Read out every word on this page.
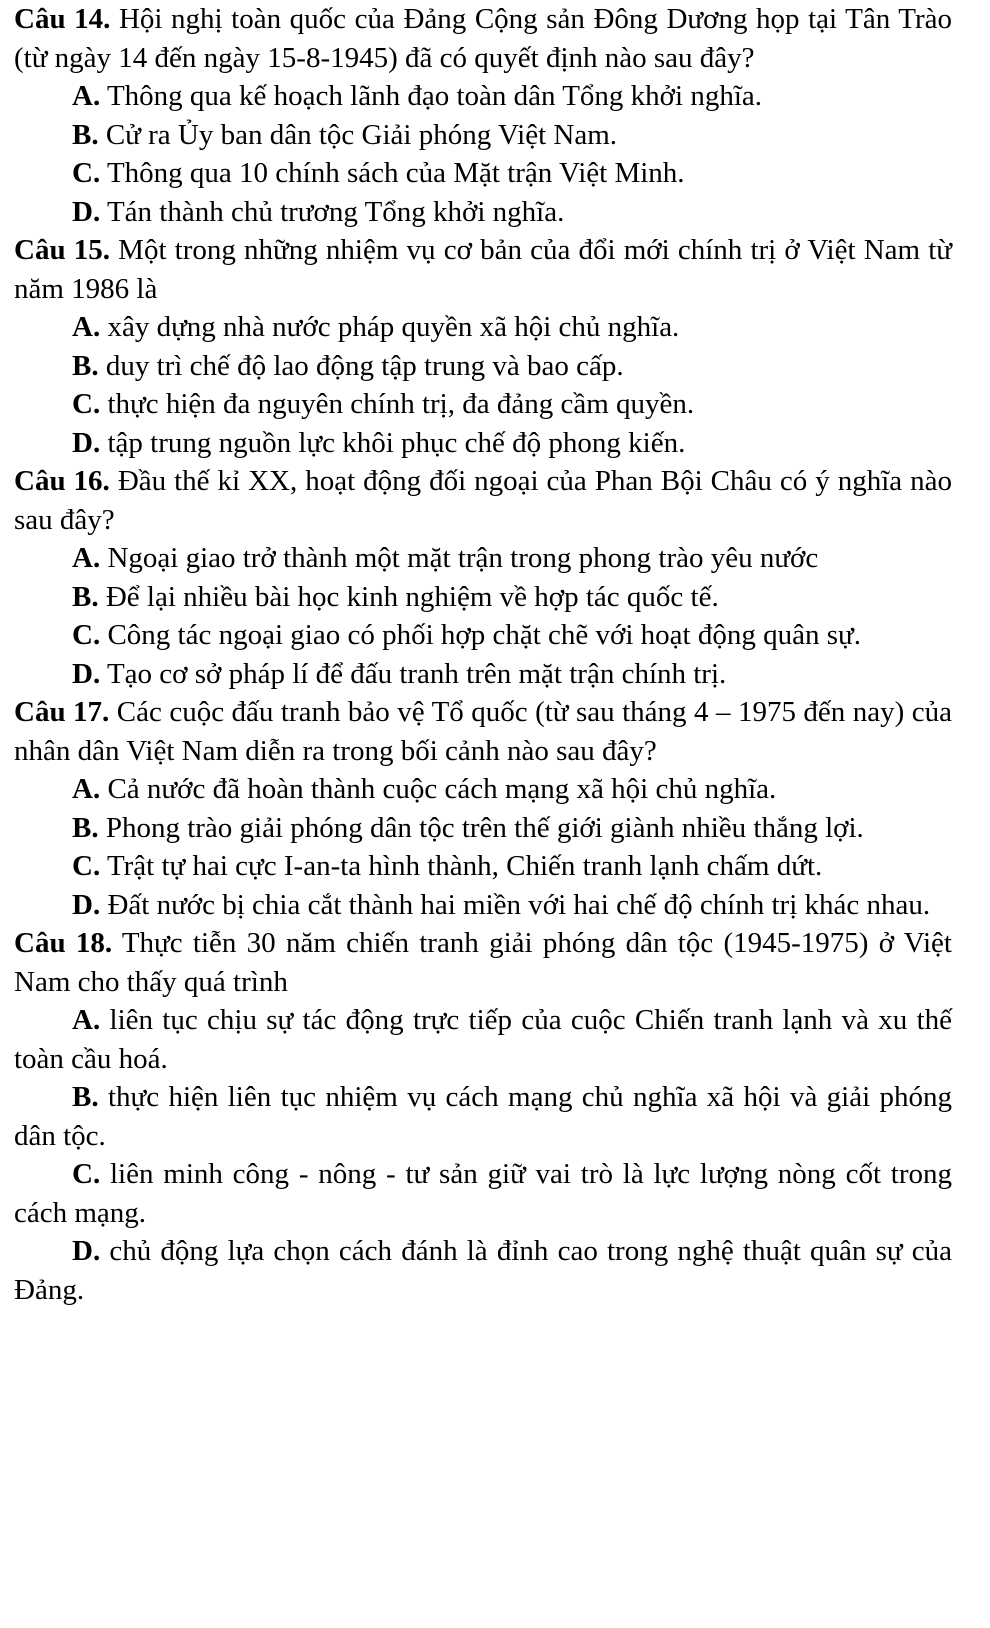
Câu 14. Hội nghị toàn quốc của Đảng Cộng sản Đông Dương họp tại Tân Trào (từ ngày 14 đến ngày 15-8-1945) đã có quyết định nào sau đây?

A. Thông qua kế hoạch lãnh đạo toàn dân Tổng khởi nghĩa.

B. Cử ra Ủy ban dân tộc Giải phóng Việt Nam.

C. Thông qua 10 chính sách của Mặt trận Việt Minh.

D. Tán thành chủ trương Tổng khởi nghĩa.

Câu 15. Một trong những nhiệm vụ cơ bản của đổi mới chính trị ở Việt Nam từ năm 1986 là

A. xây dựng nhà nước pháp quyền xã hội chủ nghĩa.

B. duy trì chế độ lao động tập trung và bao cấp.

C. thực hiện đa nguyên chính trị, đa đảng cầm quyền.

D. tập trung nguồn lực khôi phục chế độ phong kiến.

Câu 16. Đầu thế kỉ XX, hoạt động đối ngoại của Phan Bội Châu có ý nghĩa nào sau đây?

A. Ngoại giao trở thành một mặt trận trong phong trào yêu nước

B. Để lại nhiều bài học kinh nghiệm về hợp tác quốc tế.

C. Công tác ngoại giao có phối hợp chặt chẽ với hoạt động quân sự.

D. Tạo cơ sở pháp lí để đấu tranh trên mặt trận chính trị.

Câu 17. Các cuộc đấu tranh bảo vệ Tổ quốc (từ sau tháng 4 – 1975 đến nay) của nhân dân Việt Nam diễn ra trong bối cảnh nào sau đây?

A. Cả nước đã hoàn thành cuộc cách mạng xã hội chủ nghĩa.

B. Phong trào giải phóng dân tộc trên thế giới giành nhiều thắng lợi.

C. Trật tự hai cực I-an-ta hình thành, Chiến tranh lạnh chấm dứt.

D. Đất nước bị chia cắt thành hai miền với hai chế độ chính trị khác nhau.

Câu 18. Thực tiễn 30 năm chiến tranh giải phóng dân tộc (1945-1975) ở Việt Nam cho thấy quá trình

A. liên tục chịu sự tác động trực tiếp của cuộc Chiến tranh lạnh và xu thế toàn cầu hoá.

B. thực hiện liên tục nhiệm vụ cách mạng chủ nghĩa xã hội và giải phóng dân tộc.

C. liên minh công - nông - tư sản giữ vai trò là lực lượng nòng cốt trong cách mạng.

D. chủ động lựa chọn cách đánh là đỉnh cao trong nghệ thuật quân sự của Đảng.
